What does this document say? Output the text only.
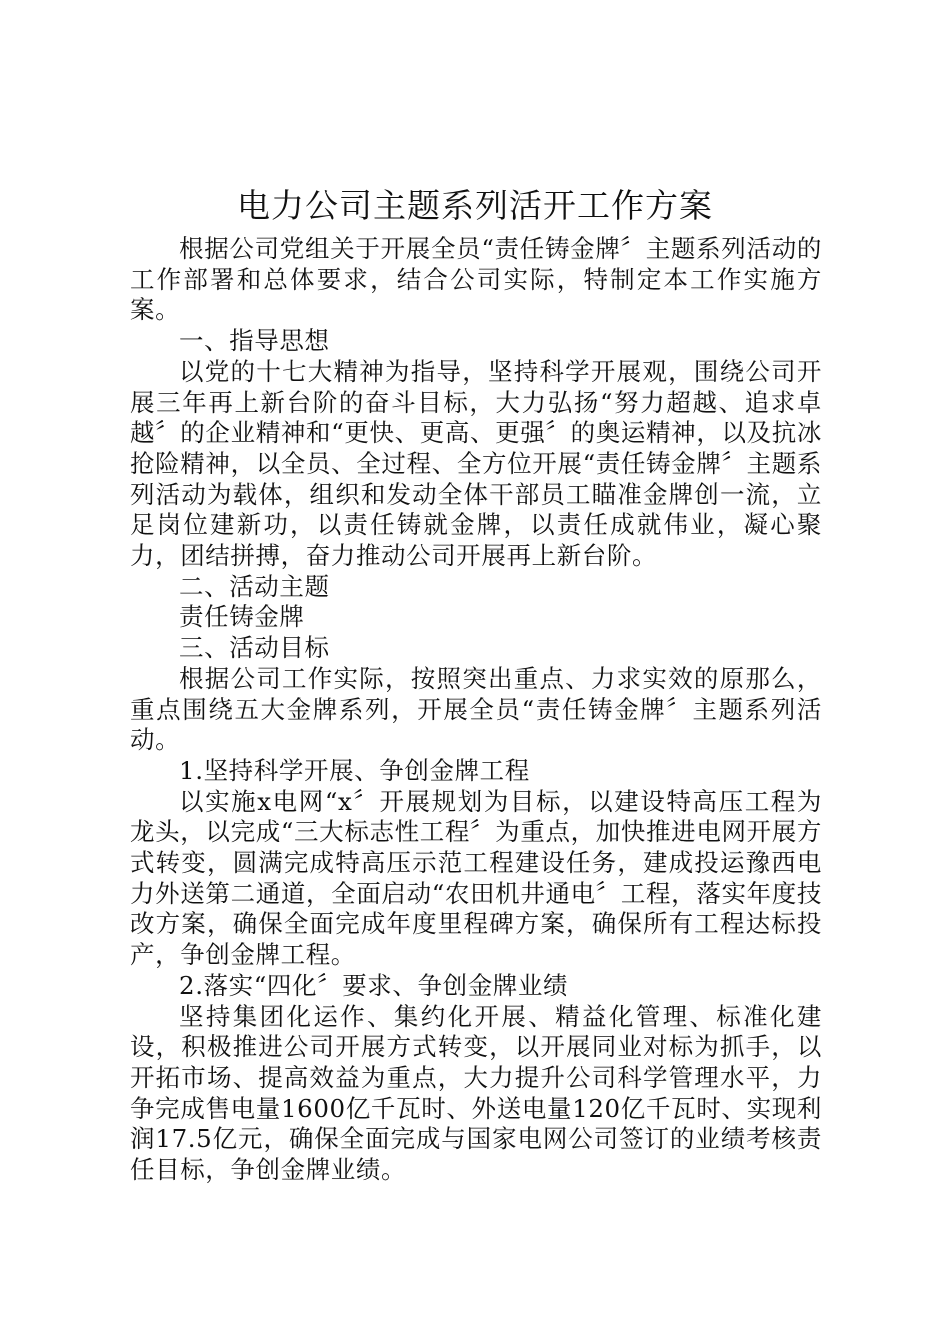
电力公司主题系列活开工作方案

根据公司党组关于开展全员“责任铸金牌〞主题系列活动的工作部署和总体要求，结合公司实际，特制定本工作实施方案。

一、指导思想

以党的十七大精神为指导，坚持科学开展观，围绕公司开展三年再上新台阶的奋斗目标，大力弘扬“努力超越、追求卓越〞的企业精神和“更快、更高、更强〞的奥运精神，以及抗冰抢险精神，以全员、全过程、全方位开展“责任铸金牌〞主题系列活动为载体，组织和发动全体干部员工瞄准金牌创一流，立足岗位建新功，以责任铸就金牌，以责任成就伟业，凝心聚力，团结拼搏，奋力推动公司开展再上新台阶。

二、活动主题

责任铸金牌

三、活动目标

根据公司工作实际，按照突出重点、力求实效的原那么，重点围绕五大金牌系列，开展全员“责任铸金牌〞主题系列活动。

1.坚持科学开展、争创金牌工程

以实施x电网“x〞开展规划为目标，以建设特高压工程为龙头，以完成“三大标志性工程〞为重点，加快推进电网开展方式转变，圆满完成特高压示范工程建设任务，建成投运豫西电力外送第二通道，全面启动“农田机井通电〞工程，落实年度技改方案，确保全面完成年度里程碑方案，确保所有工程达标投产，争创金牌工程。

2.落实“四化〞要求、争创金牌业绩

坚持集团化运作、集约化开展、精益化管理、标准化建设，积极推进公司开展方式转变，以开展同业对标为抓手，以开拓市场、提高效益为重点，大力提升公司科学管理水平，力争完成售电量1600亿千瓦时、外送电量120亿千瓦时、实现利润17.5亿元，确保全面完成与国家电网公司签订的业绩考核责任目标，争创金牌业绩。
